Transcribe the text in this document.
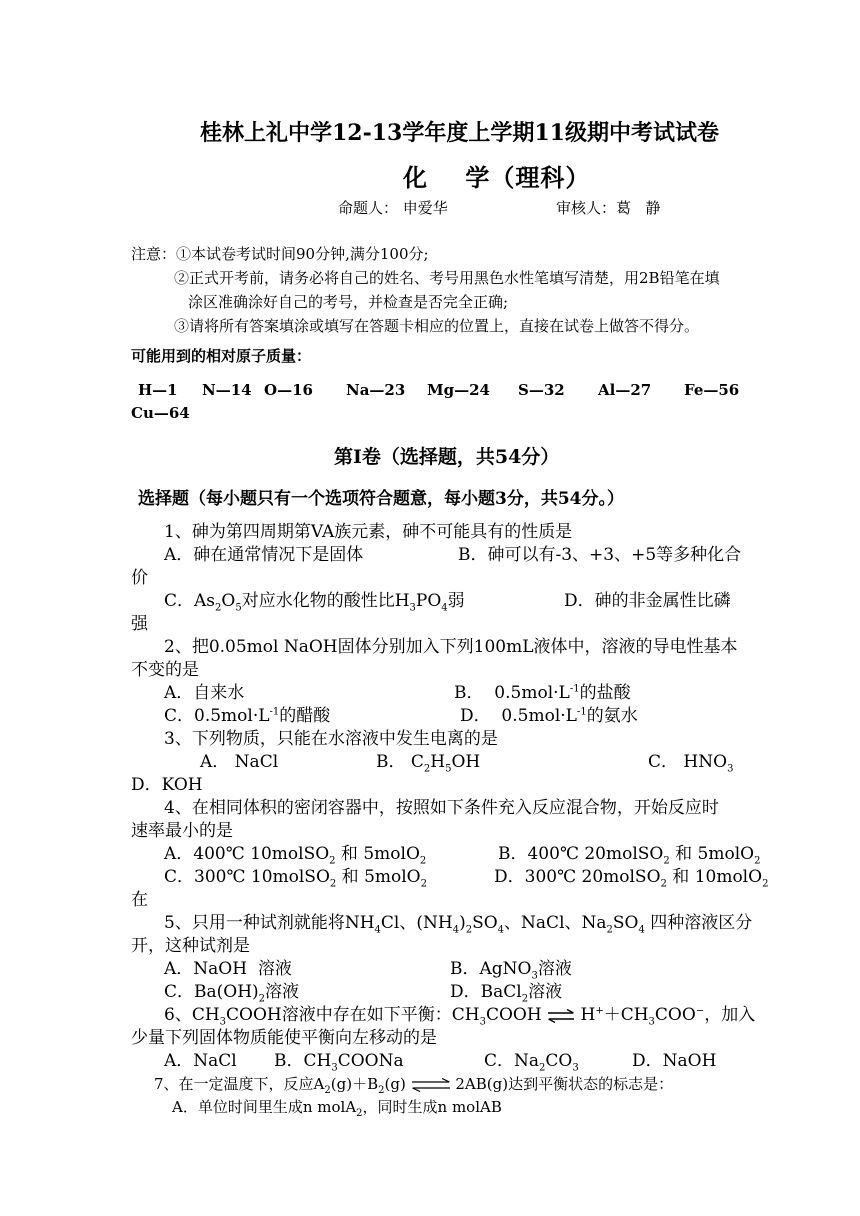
桂林上礼中学12-13学年度上学期11级期中考试试卷
化    学（理科）
命题人： 申爱华	审核人：葛   静
注意：①本试卷考试时间90分钟,满分100分;
②正式开考前，请务必将自己的姓名、考号用黑色水性笔填写清楚，用2B铅笔在填
涂区准确涂好自己的考号，并检查是否完全正确;
③请将所有答案填涂或填写在答题卡相应的位置上，直接在试卷上做答不得分。
可能用到的相对原子质量：
H—1 N—14 O—16 Na—23 Mg—24 S—32 Al—27 Fe—56
Cu—64
第Ⅰ卷（选择题，共54分）
选择题（每小题只有一个选项符合题意，每小题3分，共54分。）
1、砷为第四周期第VA族元素，砷不可能具有的性质是
A．砷在通常情况下是固体	B．砷可以有-3、+3、+5等多种化合
价
C．$As_2O_5$对应水化物的酸性比$H_3PO_4$弱	D．砷的非金属性比磷
强
2、把0.05mol NaOH固体分别加入下列100mL液体中，溶液的导电性基本
不变的是
A．自来水	B．  $0.5mol\cdot L^{-1}$的盐酸
C．$0.5mol\cdot L^{-1}$的醋酸	D．  $0.5mol\cdot L^{-1}$的氨水
3、下列物质，只能在水溶液中发生电离的是
A． NaCl	B． $C_2H_5OH$	C． $HNO_3$
D．KOH
4、在相同体积的密闭容器中，按照如下条件充入反应混合物，开始反应时
速率最小的是
A．400℃ 10molSO$_2$ 和 5molO$_2$	B．400℃ 20molSO$_2$ 和 5molO$_2$
C．300℃ 10molSO$_2$ 和 5molO$_2$	D．300℃ 20molSO$_2$ 和 10molO$_2$
在
5、只用一种试剂就能将$NH_4Cl$、$(NH_4)_2SO_4$、NaCl、$Na_2SO_4$ 四种溶液区分
开，这种试剂是
A．NaOH  溶液	B．AgNO$_3$溶液
C．$Ba(OH)_2$溶液	D．BaCl$_2$溶液
6、$CH_3COOH$溶液中存在如下平衡：$CH_3COOH$ ⇌ $H^++CH_3COO^-$，加入
少量下列固体物质能使平衡向左移动的是
A．NaCl B．$CH_3COONa$	C．$Na_2CO_3$	D．NaOH
7、在一定温度下，反应$A_2(g)+B_2(g)$ ⇌ 2AB(g)达到平衡状态的标志是：
A．单位时间里生成n molA$_2$，同时生成n molAB
